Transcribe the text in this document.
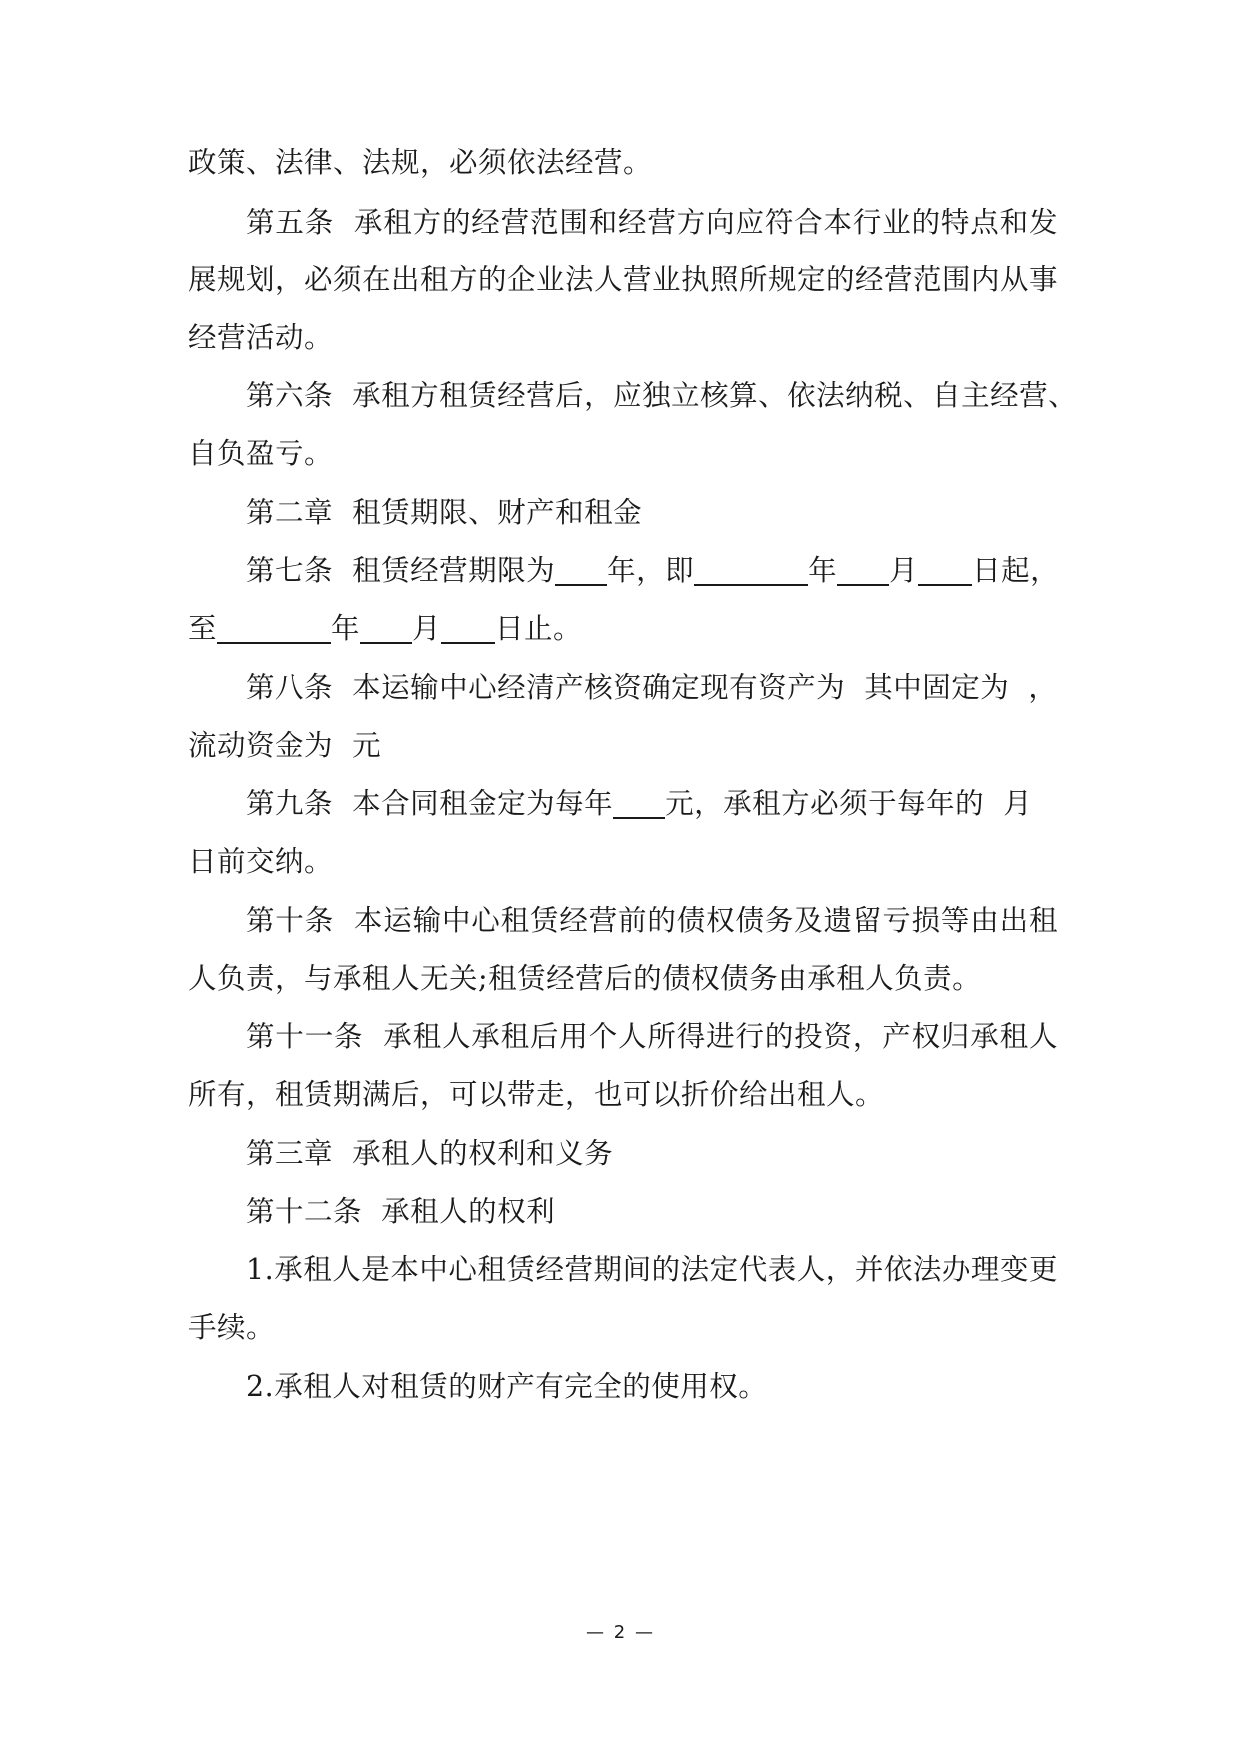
政策、法律、法规，必须依法经营。
第五条  承租方的经营范围和经营方向应符合本行业的特点和发
展规划，必须在出租方的企业法人营业执照所规定的经营范围内从事
经营活动。
第六条  承租方租赁经营后，应独立核算、依法纳税、自主经营、
自负盈亏。
第二章  租赁期限、财产和租金
第七条  租赁经营期限为 年，即	年 月 日起，
至	年 月 日止。
第八条  本运输中心经清产核资确定现有资产为  其中固定为  ，
流动资金为  元
第九条  本合同租金定为每年 元，承租方必须于每年的  月
日前交纳。
第十条  本运输中心租赁经营前的债权债务及遗留亏损等由出租
人负责，与承租人无关;租赁经营后的债权债务由承租人负责。
第十一条  承租人承租后用个人所得进行的投资，产权归承租人
所有，租赁期满后，可以带走，也可以折价给出租人。
第三章  承租人的权利和义务
第十二条  承租人的权利
1.承租人是本中心租赁经营期间的法定代表人，并依法办理变更
手续。
2.承租人对租赁的财产有完全的使用权。
— 2 —
